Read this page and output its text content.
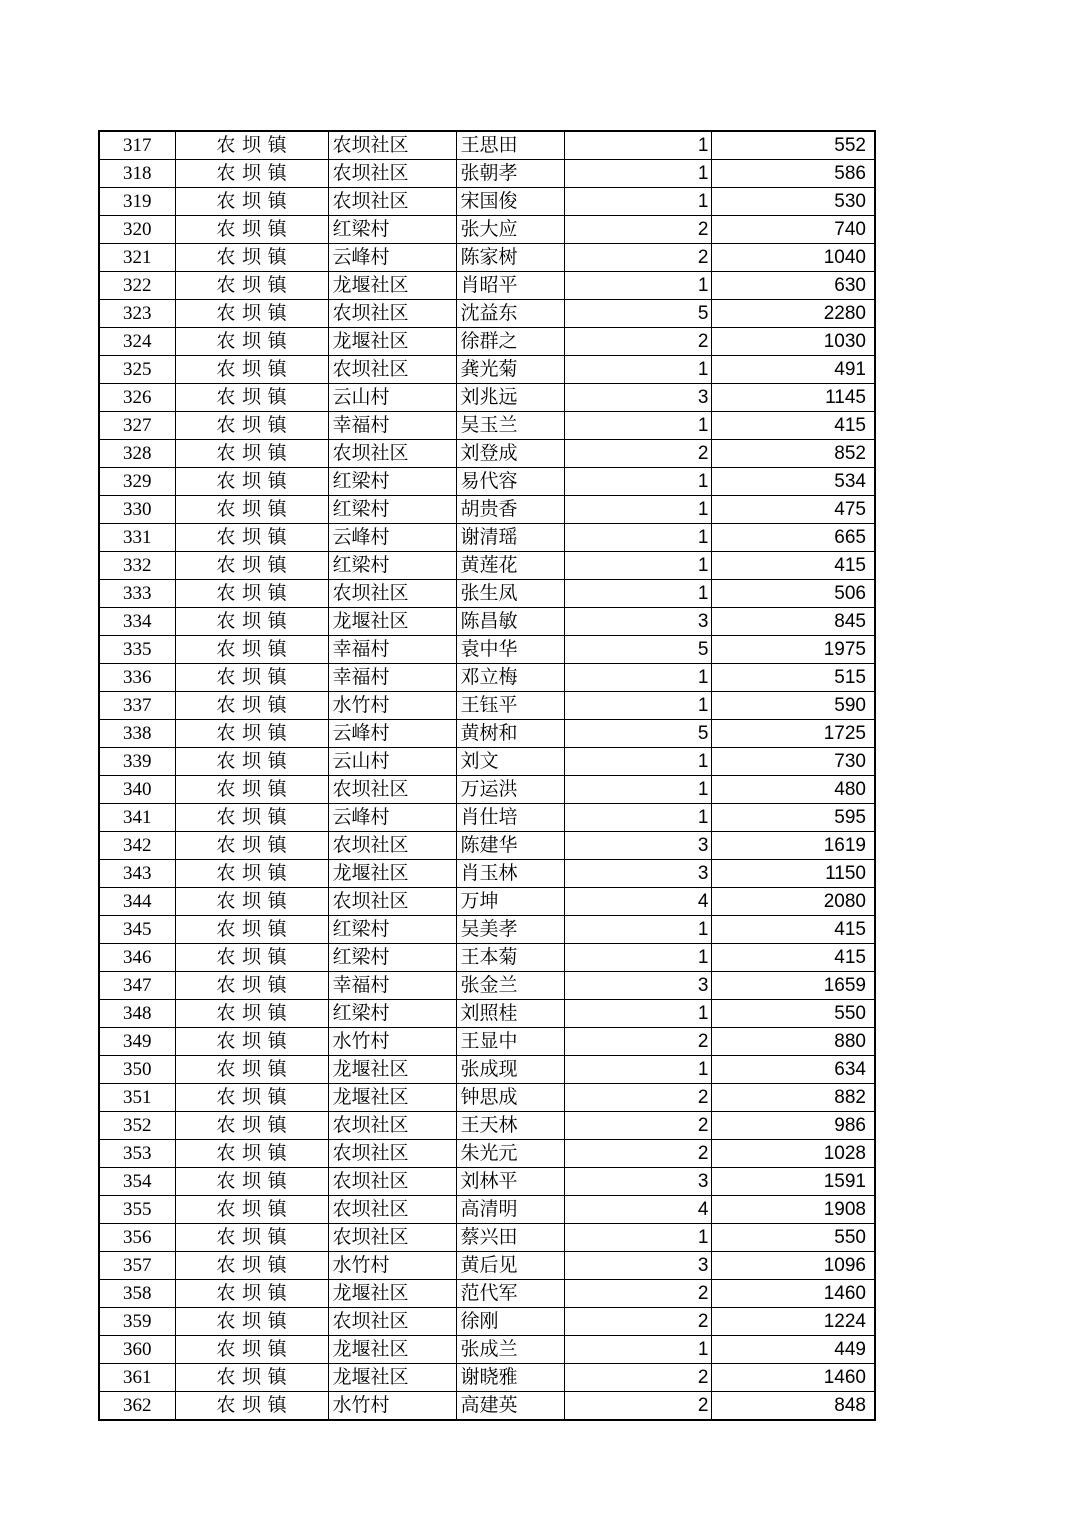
317	农坝镇	农坝社区	王思田	1	552
318	农坝镇	农坝社区	张朝孝	1	586
319	农坝镇	农坝社区	宋国俊	1	530
320	农坝镇	红梁村	张大应	2	740
321	农坝镇	云峰村	陈家树	2	1040
322	农坝镇	龙堰社区	肖昭平	1	630
323	农坝镇	农坝社区	沈益东	5	2280
324	农坝镇	龙堰社区	徐群之	2	1030
325	农坝镇	农坝社区	龚光菊	1	491
326	农坝镇	云山村	刘兆远	3	1145
327	农坝镇	幸福村	吴玉兰	1	415
328	农坝镇	农坝社区	刘登成	2	852
329	农坝镇	红梁村	易代容	1	534
330	农坝镇	红梁村	胡贵香	1	475
331	农坝镇	云峰村	谢清瑶	1	665
332	农坝镇	红梁村	黄莲花	1	415
333	农坝镇	农坝社区	张生凤	1	506
334	农坝镇	龙堰社区	陈昌敏	3	845
335	农坝镇	幸福村	袁中华	5	1975
336	农坝镇	幸福村	邓立梅	1	515
337	农坝镇	水竹村	王钰平	1	590
338	农坝镇	云峰村	黄树和	5	1725
339	农坝镇	云山村	刘文	1	730
340	农坝镇	农坝社区	万运洪	1	480
341	农坝镇	云峰村	肖仕培	1	595
342	农坝镇	农坝社区	陈建华	3	1619
343	农坝镇	龙堰社区	肖玉林	3	1150
344	农坝镇	农坝社区	万坤	4	2080
345	农坝镇	红梁村	吴美孝	1	415
346	农坝镇	红梁村	王本菊	1	415
347	农坝镇	幸福村	张金兰	3	1659
348	农坝镇	红梁村	刘照桂	1	550
349	农坝镇	水竹村	王显中	2	880
350	农坝镇	龙堰社区	张成现	1	634
351	农坝镇	龙堰社区	钟思成	2	882
352	农坝镇	农坝社区	王天林	2	986
353	农坝镇	农坝社区	朱光元	2	1028
354	农坝镇	农坝社区	刘林平	3	1591
355	农坝镇	农坝社区	高清明	4	1908
356	农坝镇	农坝社区	蔡兴田	1	550
357	农坝镇	水竹村	黄后见	3	1096
358	农坝镇	龙堰社区	范代军	2	1460
359	农坝镇	农坝社区	徐刚	2	1224
360	农坝镇	龙堰社区	张成兰	1	449
361	农坝镇	龙堰社区	谢晓雅	2	1460
362	农坝镇	水竹村	高建英	2	848
